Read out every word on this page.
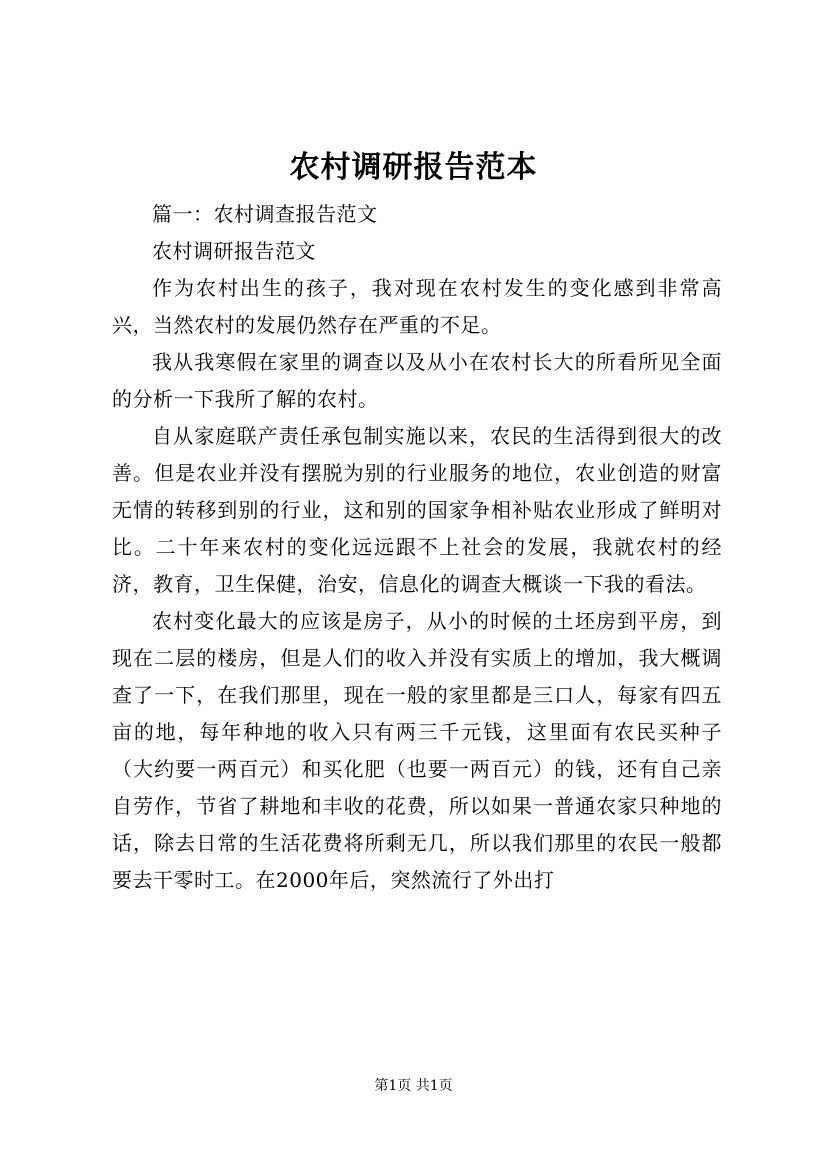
农村调研报告范本

篇一：农村调查报告范文

农村调研报告范文

作为农村出生的孩子，我对现在农村发生的变化感到非常高兴，当然农村的发展仍然存在严重的不足。

我从我寒假在家里的调查以及从小在农村长大的所看所见全面的分析一下我所了解的农村。

自从家庭联产责任承包制实施以来，农民的生活得到很大的改善。但是农业并没有摆脱为别的行业服务的地位，农业创造的财富无情的转移到别的行业，这和别的国家争相补贴农业形成了鲜明对比。二十年来农村的变化远远跟不上社会的发展，我就农村的经济，教育，卫生保健，治安，信息化的调查大概谈一下我的看法。

农村变化最大的应该是房子，从小的时候的土坯房到平房，到现在二层的楼房，但是人们的收入并没有实质上的增加，我大概调查了一下，在我们那里，现在一般的家里都是三口人，每家有四五亩的地，每年种地的收入只有两三千元钱，这里面有农民买种子（大约要一两百元）和买化肥（也要一两百元）的钱，还有自己亲自劳作，节省了耕地和丰收的花费，所以如果一普通农家只种地的话，除去日常的生活花费将所剩无几，所以我们那里的农民一般都要去干零时工。在2000年后，突然流行了外出打

第1页 共1页
